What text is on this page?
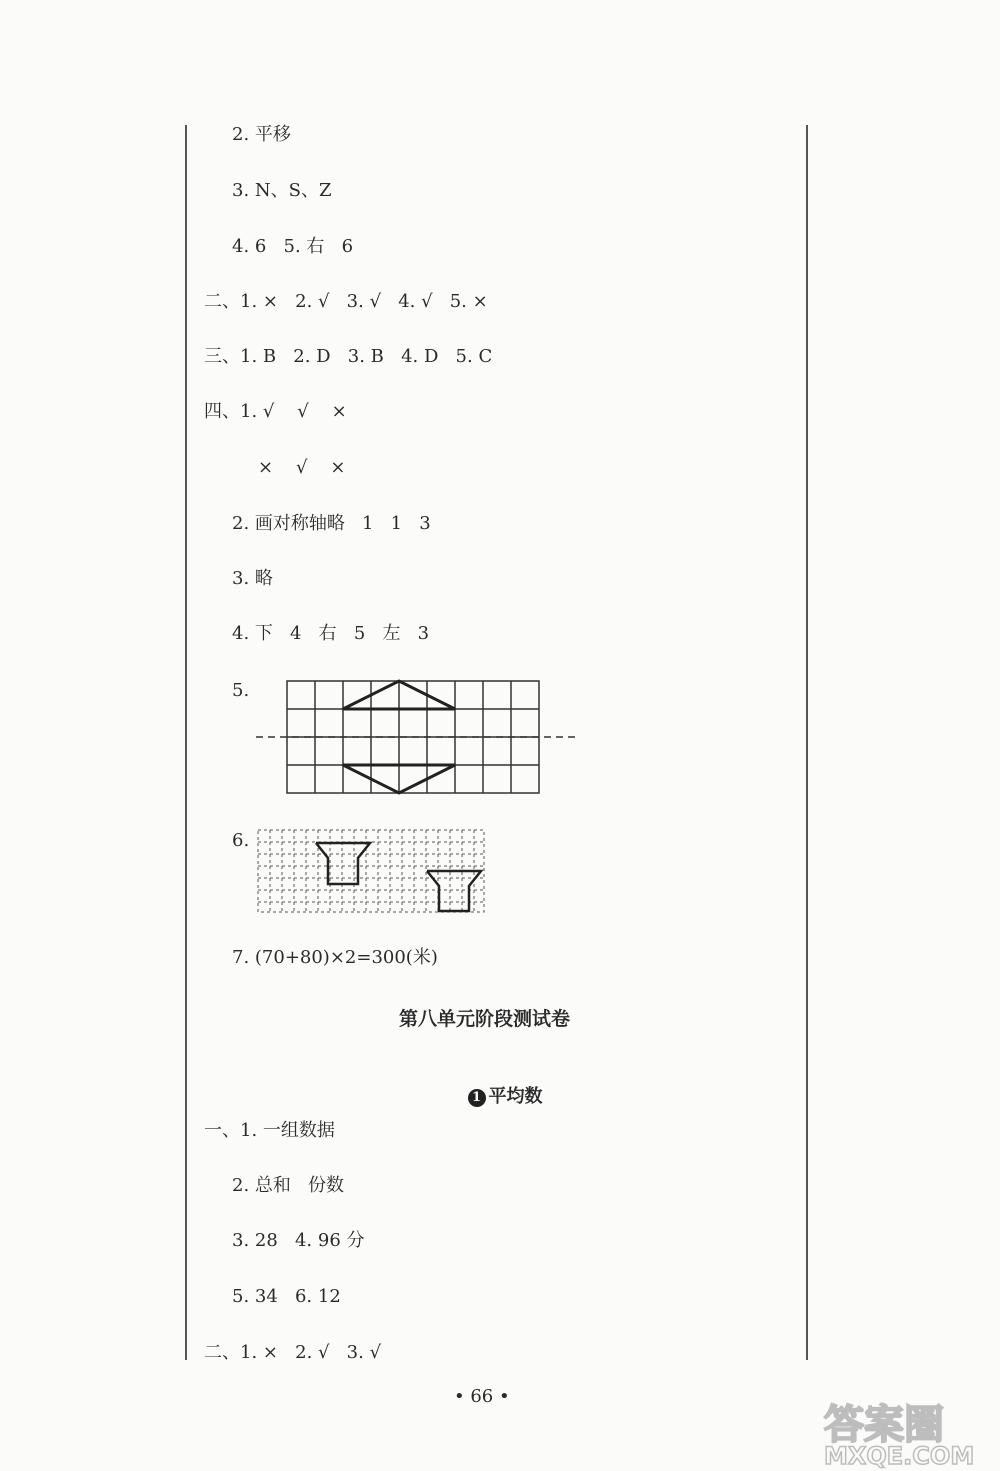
2. 平移
3. N、S、Z
4. 6   5. 右   6
二、1. ×   2. √   3. √   4. √   5. ×
三、1. B   2. D   3. B   4. D   5. C
四、1. √    √    ×
×    √    ×
2. 画对称轴略   1   1   3
3. 略
4. 下   4   右   5   左   3
5.
6.
7. (70+80)×2=300(米)
第八单元阶段测试卷

1 平均数

一、1. 一组数据
2. 总和   份数
3. 28   4. 96 分
5. 34   6. 12
二、1. ×   2. √   3. √
• 66 •
答案圈
MXQE.COM
